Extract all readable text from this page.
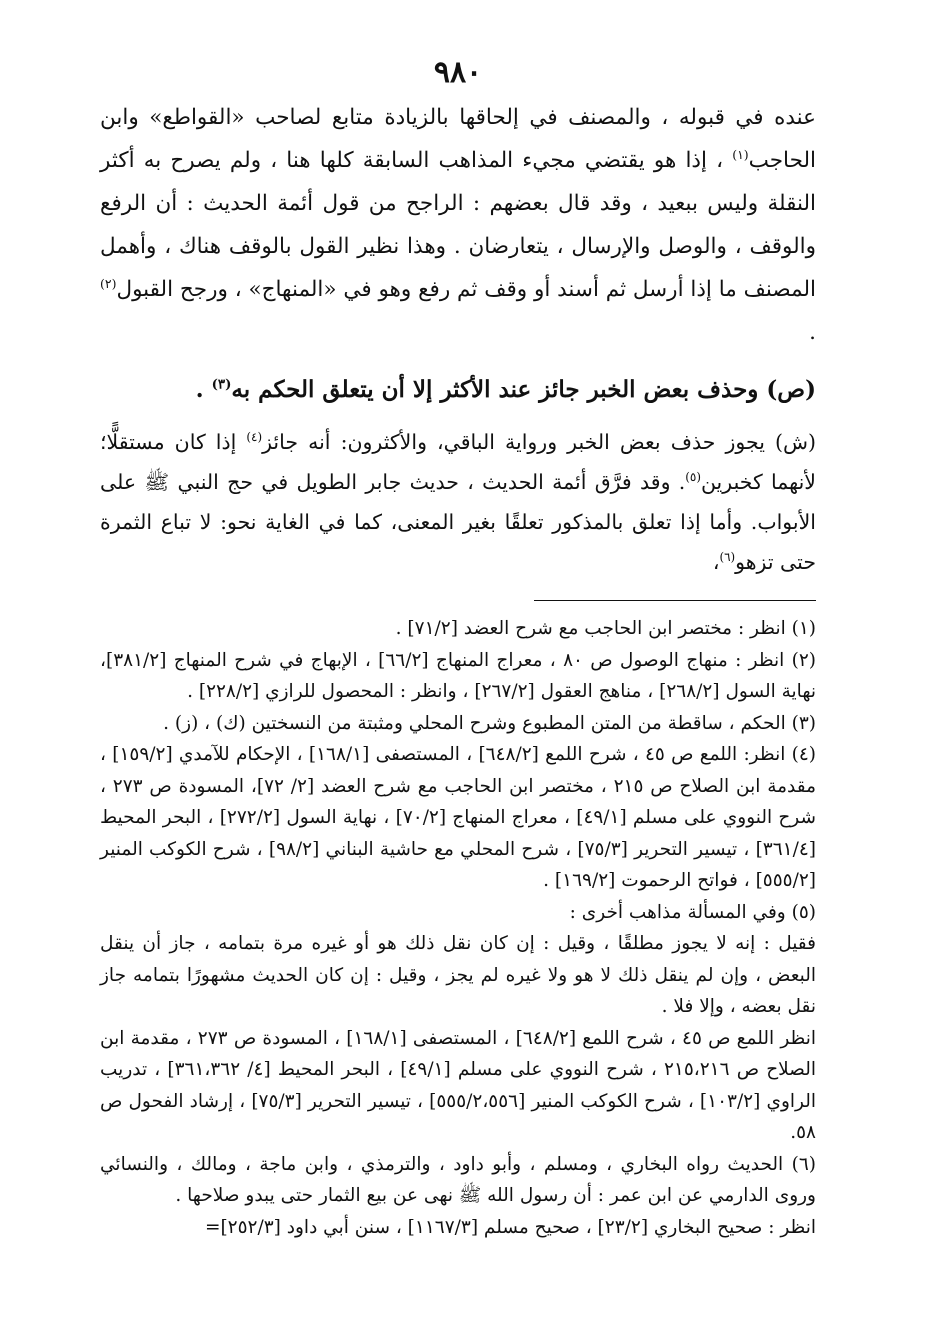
٩٨٠

عنده في قبوله ، والمصنف في إلحاقها بالزيادة متابع لصاحب «القواطع» وابن الحاجب$^{(١)}$ ، إذا هو يقتضي مجيء المذاهب السابقة كلها هنا ، ولم يصرح به أكثر النقلة وليس ببعيد ، وقد قال بعضهم : الراجح من قول أئمة الحديث : أن الرفع والوقف ، والوصل والإرسال ، يتعارضان . وهذا نظير القول بالوقف هناك ، وأهمل المصنف ما إذا أرسل ثم أسند أو وقف ثم رفع وهو في «المنهاج» ، ورجح القبول$^{(٢)}$ .

(ص) وحذف بعض الخبر جائز عند الأكثر إلا أن يتعلق الحكم به$^{(٣)}$ .

(ش) يجوز حذف بعض الخبر ورواية الباقي، والأكثرون: أنه جائز$^{(٤)}$ إذا كان مستقلًّا؛ لأنهما كخبرين$^{(٥)}$. وقد فرَّق أئمة الحديث ، حديث جابر الطويل في حج النبي ﷺ على الأبواب. وأما إذا تعلق بالمذكور تعلقًا بغير المعنى، كما في الغاية نحو: لا تباع الثمرة حتى تزهو$^{(٦)}$،

(١) انظر : مختصر ابن الحاجب مع شرح العضد [٧١/٢] .

(٢) انظر : منهاج الوصول ص ٨٠ ، معراج المنهاج [٦٦/٢] ، الإبهاج في شرح المنهاج [٣٨١/٢]، نهاية السول [٢٦٨/٢] ، مناهج العقول [٢٦٧/٢] ، وانظر : المحصول للرازي [٢٢٨/٢] .

(٣) الحكم ، ساقطة من المتن المطبوع وشرح المحلي ومثبتة من النسختين (ك) ، (ز) .

(٤) انظر: اللمع ص ٤٥ ، شرح اللمع [٦٤٨/٢] ، المستصفى [١٦٨/١] ، الإحكام للآمدي [١٥٩/٢] ، مقدمة ابن الصلاح ص ٢١٥ ، مختصر ابن الحاجب مع شرح العضد [٢/ ٧٢]، المسودة ص ٢٧٣ ، شرح النووي على مسلم [٤٩/١] ، معراج المنهاج [٧٠/٢] ، نهاية السول [٢٧٢/٢] ، البحر المحيط [٣٦١/٤] ، تيسير التحرير [٧٥/٣] ، شرح المحلي مع حاشية البناني [٩٨/٢] ، شرح الكوكب المنير [٥٥٥/٢] ، فواتح الرحموت [١٦٩/٢] .

(٥) وفي المسألة مذاهب أخرى :

فقيل : إنه لا يجوز مطلقًا ، وقيل : إن كان نقل ذلك هو أو غيره مرة بتمامه ، جاز أن ينقل البعض ، وإن لم ينقل ذلك لا هو ولا غيره لم يجز ، وقيل : إن كان الحديث مشهورًا بتمامه جاز نقل بعضه ، وإلا فلا .

انظر اللمع ص ٤٥ ، شرح اللمع [٦٤٨/٢] ، المستصفى [١٦٨/١] ، المسودة ص ٢٧٣ ، مقدمة ابن الصلاح ص ٢١٥،٢١٦ ، شرح النووي على مسلم [٤٩/١] ، البحر المحيط [٤/ ٣٦١،٣٦٢] ، تدريب الراوي [١٠٣/٢] ، شرح الكوكب المنير [٥٥٥/٢،٥٥٦] ، تيسير التحرير [٧٥/٣] ، إرشاد الفحول ص ٥٨.

(٦) الحديث رواه البخاري ، ومسلم ، وأبو داود ، والترمذي ، وابن ماجة ، ومالك ، والنسائي وروى الدارمي عن ابن عمر : أن رسول الله ﷺ نهى عن بيع الثمار حتى يبدو صلاحها .

انظر : صحيح البخاري [٢٣/٢] ، صحيح مسلم [١١٦٧/٣] ، سنن أبي داود [٢٥٢/٣]=
